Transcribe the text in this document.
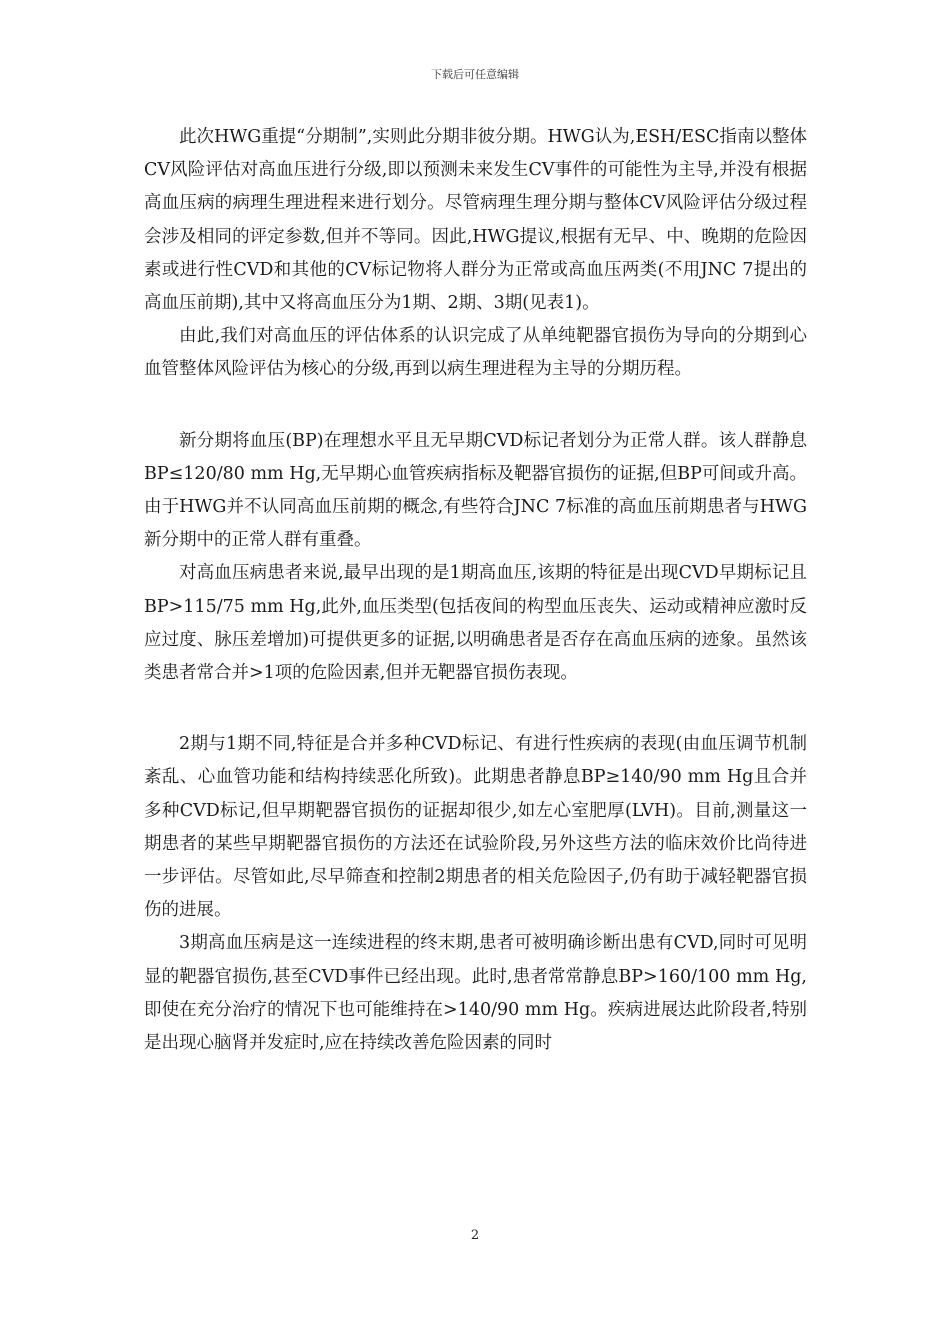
下载后可任意编辑

此次HWG重提“分期制”,实则此分期非彼分期。HWG认为,ESH/ESC指南以整体CV风险评估对高血压进行分级,即以预测未来发生CV事件的可能性为主导,并没有根据高血压病的病理生理进程来进行划分。尽管病理生理分期与整体CV风险评估分级过程会涉及相同的评定参数,但并不等同。因此,HWG提议,根据有无早、中、晚期的危险因素或进行性CVD和其他的CV标记物将人群分为正常或高血压两类(不用JNC 7提出的高血压前期),其中又将高血压分为1期、2期、3期(见表1)。

由此,我们对高血压的评估体系的认识完成了从单纯靶器官损伤为导向的分期到心血管整体风险评估为核心的分级,再到以病生理进程为主导的分期历程。

新分期将血压(BP)在理想水平且无早期CVD标记者划分为正常人群。该人群静息BP≤120/80 mm Hg,无早期心血管疾病指标及靶器官损伤的证据,但BP可间或升高。由于HWG并不认同高血压前期的概念,有些符合JNC 7标准的高血压前期患者与HWG新分期中的正常人群有重叠。

对高血压病患者来说,最早出现的是1期高血压,该期的特征是出现CVD早期标记且BP>115/75 mm Hg,此外,血压类型(包括夜间的构型血压丧失、运动或精神应激时反应过度、脉压差增加)可提供更多的证据,以明确患者是否存在高血压病的迹象。虽然该类患者常合并>1项的危险因素,但并无靶器官损伤表现。

2期与1期不同,特征是合并多种CVD标记、有进行性疾病的表现(由血压调节机制紊乱、心血管功能和结构持续恶化所致)。此期患者静息BP≥140/90 mm Hg且合并多种CVD标记,但早期靶器官损伤的证据却很少,如左心室肥厚(LVH)。目前,测量这一期患者的某些早期靶器官损伤的方法还在试验阶段,另外这些方法的临床效价比尚待进一步评估。尽管如此,尽早筛查和控制2期患者的相关危险因子,仍有助于减轻靶器官损伤的进展。

3期高血压病是这一连续进程的终末期,患者可被明确诊断出患有CVD,同时可见明显的靶器官损伤,甚至CVD事件已经出现。此时,患者常常静息BP>160/100 mm Hg,即使在充分治疗的情况下也可能维持在>140/90 mm Hg。疾病进展达此阶段者,特别是出现心脑肾并发症时,应在持续改善危险因素的同时

2
